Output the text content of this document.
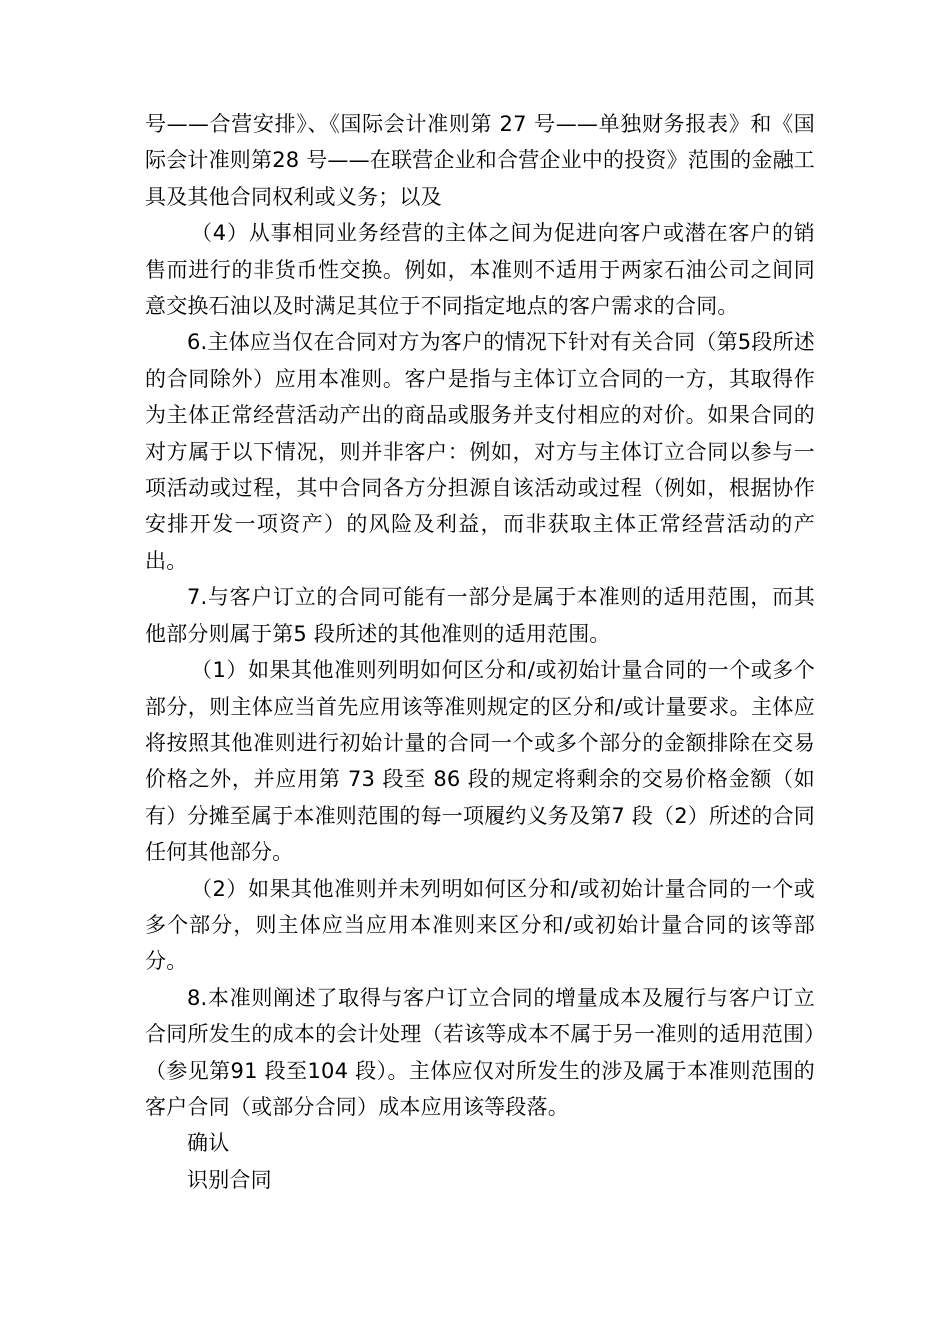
号——合营安排》、《国际会计准则第 27 号——单独财务报表》和《国际会计准则第28 号——在联营企业和合营企业中的投资》范围的金融工具及其他合同权利或义务；以及

（4）从事相同业务经营的主体之间为促进向客户或潜在客户的销售而进行的非货币性交换。例如，本准则不适用于两家石油公司之间同意交换石油以及时满足其位于不同指定地点的客户需求的合同。

6.主体应当仅在合同对方为客户的情况下针对有关合同（第5段所述的合同除外）应用本准则。客户是指与主体订立合同的一方，其取得作为主体正常经营活动产出的商品或服务并支付相应的对价。如果合同的对方属于以下情况，则并非客户：例如，对方与主体订立合同以参与一项活动或过程，其中合同各方分担源自该活动或过程（例如，根据协作安排开发一项资产）的风险及利益，而非获取主体正常经营活动的产出。

7.与客户订立的合同可能有一部分是属于本准则的适用范围，而其他部分则属于第5 段所述的其他准则的适用范围。

（1）如果其他准则列明如何区分和/或初始计量合同的一个或多个部分，则主体应当首先应用该等准则规定的区分和/或计量要求。主体应将按照其他准则进行初始计量的合同一个或多个部分的金额排除在交易价格之外，并应用第 73 段至 86 段的规定将剩余的交易价格金额（如有）分摊至属于本准则范围的每一项履约义务及第7 段（2）所述的合同任何其他部分。

（2）如果其他准则并未列明如何区分和/或初始计量合同的一个或多个部分，则主体应当应用本准则来区分和/或初始计量合同的该等部分。

8.本准则阐述了取得与客户订立合同的增量成本及履行与客户订立合同所发生的成本的会计处理（若该等成本不属于另一准则的适用范围）（参见第91 段至104 段）。主体应仅对所发生的涉及属于本准则范围的客户合同（或部分合同）成本应用该等段落。

确认

识别合同
